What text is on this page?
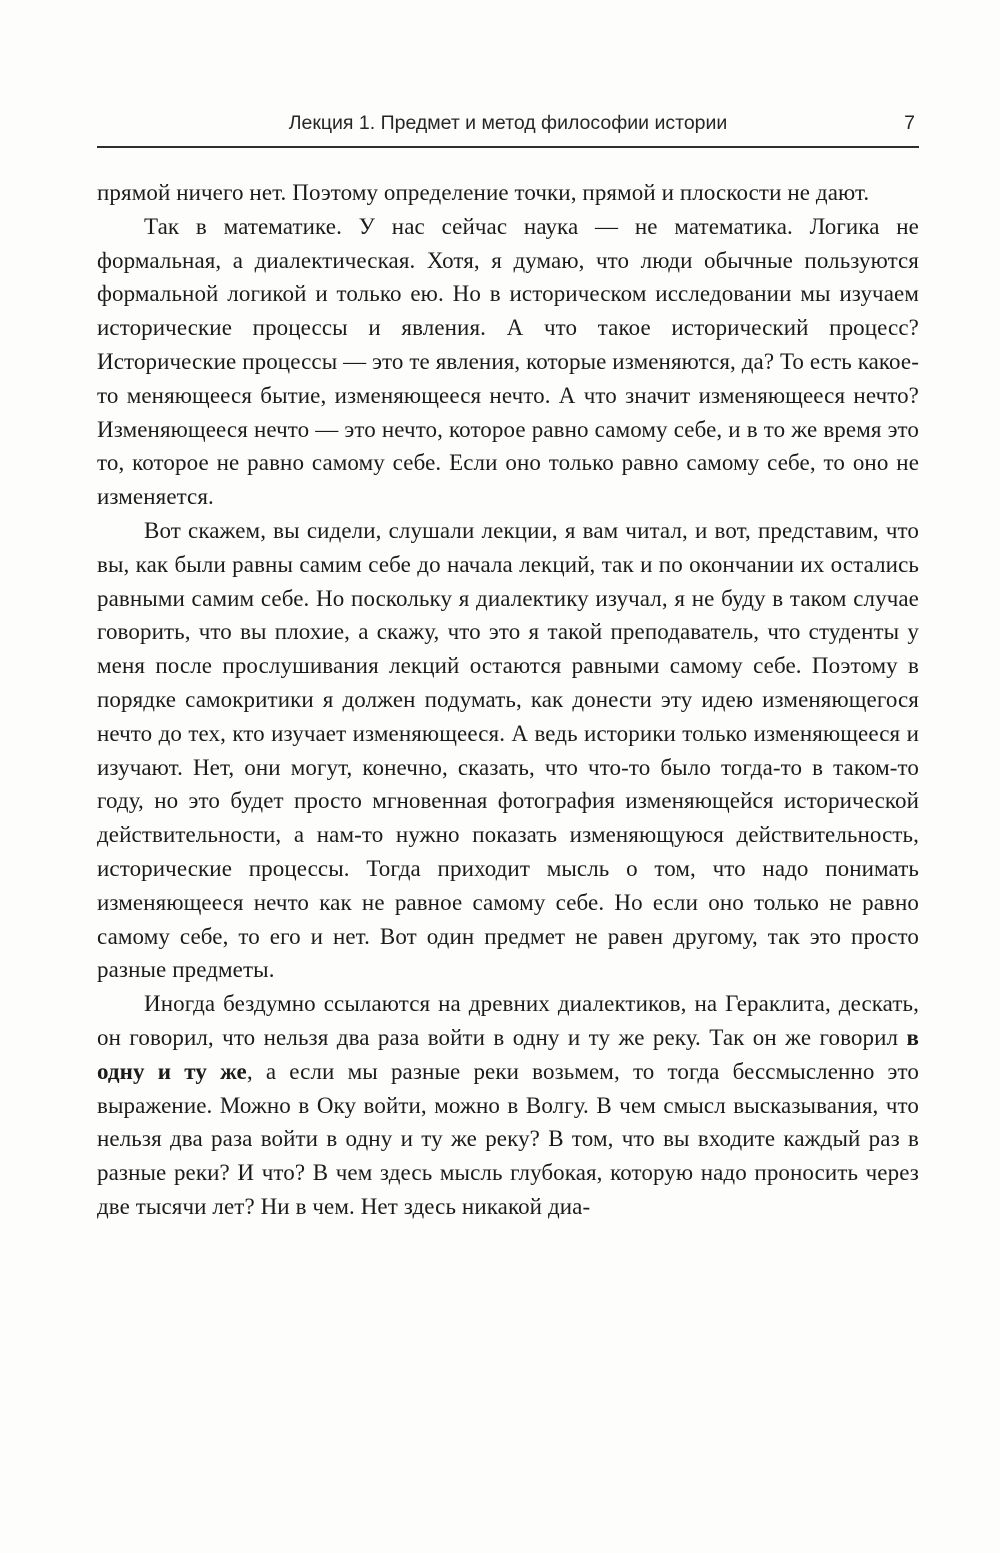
Лекция 1. Предмет и метод философии истории	7

прямой ничего нет. Поэтому определение точки, прямой и плоскости не дают.

Так в математике. У нас сейчас наука — не математика. Логика не формальная, а диалектическая. Хотя, я думаю, что люди обычные пользуются формальной логикой и только ею. Но в историческом исследовании мы изучаем исторические процессы и явления. А что такое исторический процесс? Исторические процессы — это те явления, которые изменяются, да? То есть какое-то меняющееся бытие, изменяющееся нечто. А что значит изменяющееся нечто? Изменяющееся нечто — это нечто, которое равно самому себе, и в то же время это то, которое не равно самому себе. Если оно только равно самому себе, то оно не изменяется.

Вот скажем, вы сидели, слушали лекции, я вам читал, и вот, представим, что вы, как были равны самим себе до начала лекций, так и по окончании их остались равными самим себе. Но поскольку я диалектику изучал, я не буду в таком случае говорить, что вы плохие, а скажу, что это я такой преподаватель, что студенты у меня после прослушивания лекций остаются равными самому себе. Поэтому в порядке самокритики я должен подумать, как донести эту идею изменяющегося нечто до тех, кто изучает изменяющееся. А ведь историки только изменяющееся и изучают. Нет, они могут, конечно, сказать, что что-то было тогда-то в таком-то году, но это будет просто мгновенная фотография изменяющейся исторической действительности, а нам-то нужно показать изменяющуюся действительность, исторические процессы. Тогда приходит мысль о том, что надо понимать изменяющееся нечто как не равное самому себе. Но если оно только не равно самому себе, то его и нет. Вот один предмет не равен другому, так это просто разные предметы.

Иногда бездумно ссылаются на древних диалектиков, на Гераклита, дескать, он говорил, что нельзя два раза войти в одну и ту же реку. Так он же говорил в одну и ту же, а если мы разные реки возьмем, то тогда бессмысленно это выражение. Можно в Оку войти, можно в Волгу. В чем смысл высказывания, что нельзя два раза войти в одну и ту же реку? В том, что вы входите каждый раз в разные реки? И что? В чем здесь мысль глубокая, которую надо проносить через две тысячи лет? Ни в чем. Нет здесь никакой диа-
